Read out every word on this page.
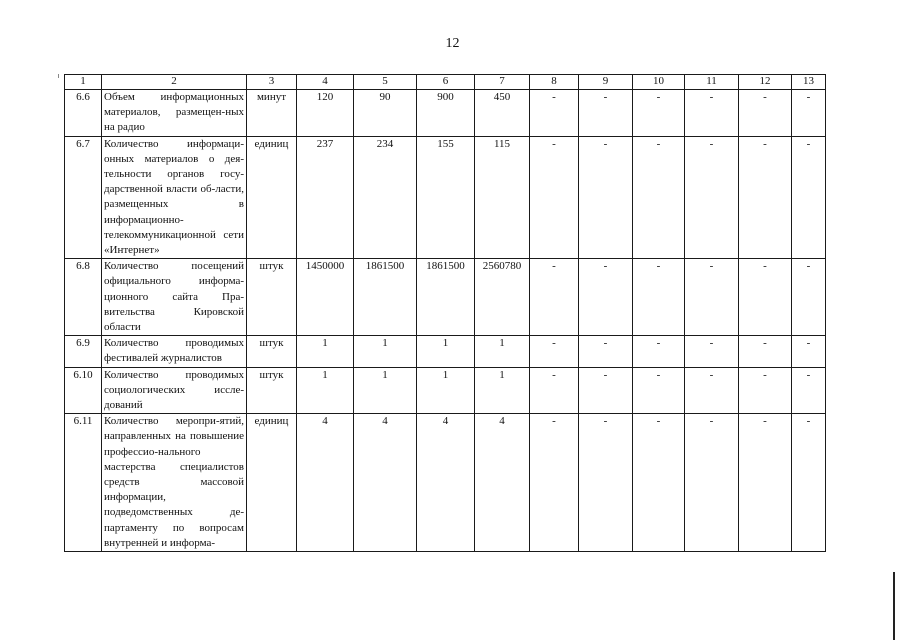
12
1	2	3	4	5	6	7	8	9	10	11	12	13
6.6	Объем информационных материалов, размещен-ных на радио	минут	120	90	900	450	-	-	-	-	-	-
6.7	Количество информаци-онных материалов о дея-тельности органов госу-дарственной власти об-ласти, размещенных в информационно-телекоммуникационной сети «Интернет»	единиц	237	234	155	115	-	-	-	-	-	-
6.8	Количество посещений официального информа-ционного сайта Пра-вительства Кировской области	штук	1450000	1861500	1861500	2560780	-	-	-	-	-	-
6.9	Количество проводимых фестивалей журналистов	штук	1	1	1	1	-	-	-	-	-	-
6.10	Количество проводимых социологических иссле-дований	штук	1	1	1	1	-	-	-	-	-	-
6.11	Количество меропри-ятий, направленных на повышение профессио-нального мастерства специалистов средств массовой информации, подведомственных де-партаменту по вопросам внутренней и информа-	единиц	4	4	4	4	-	-	-	-	-	-
